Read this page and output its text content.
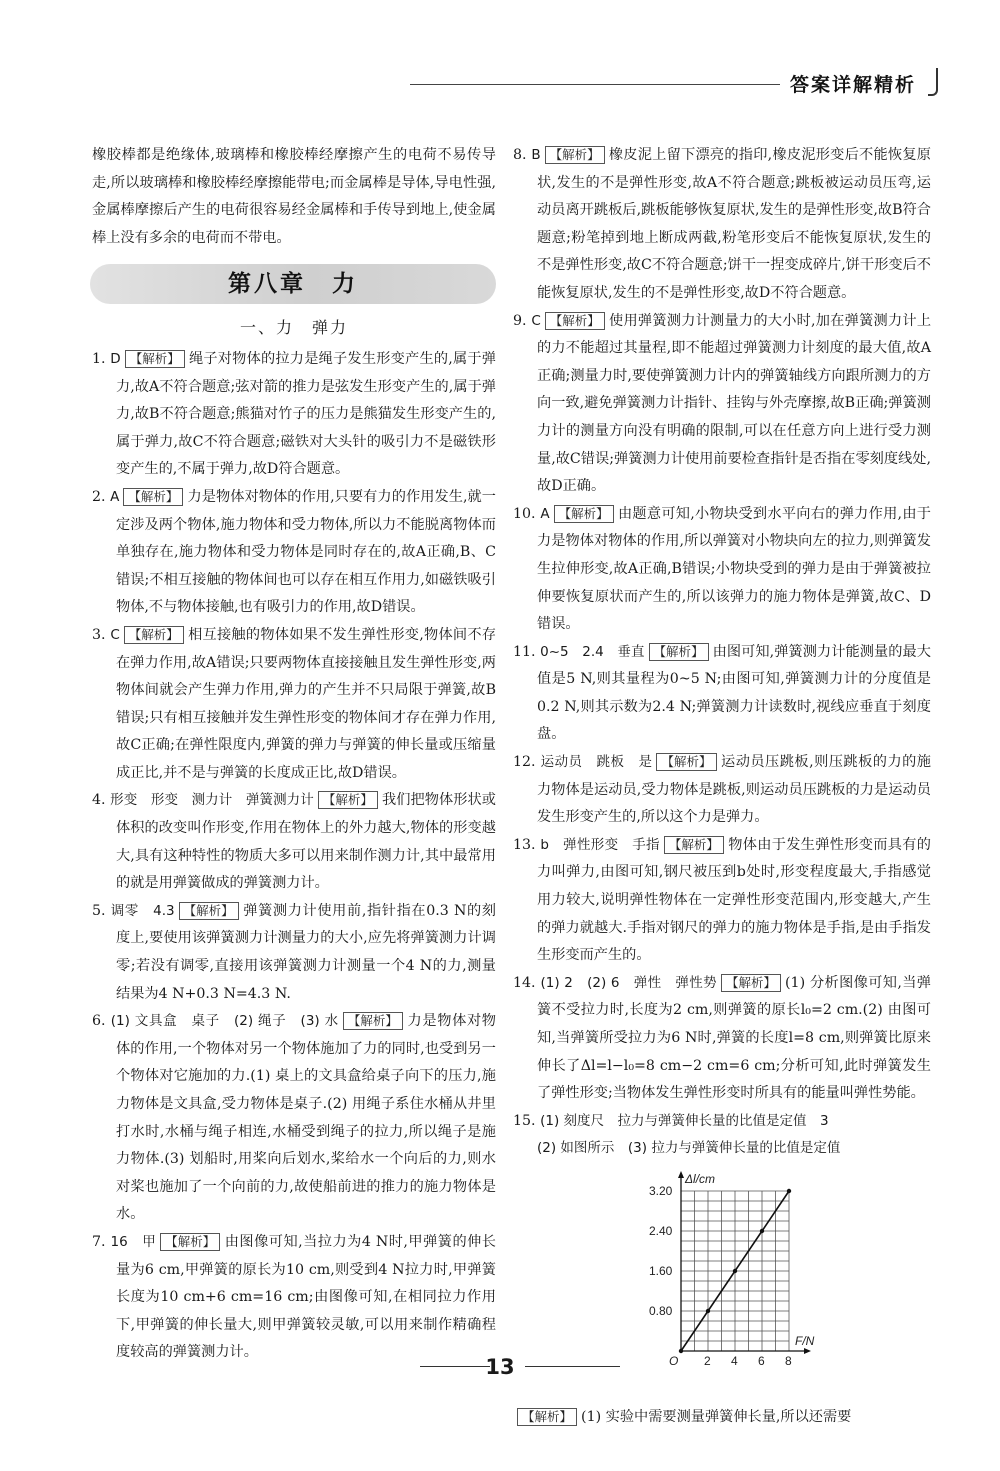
答案详解精析

橡胶棒都是绝缘体,玻璃棒和橡胶棒经摩擦产生的电荷不易传导走,所以玻璃棒和橡胶棒经摩擦能带电;而金属棒是导体,导电性强,金属棒摩擦后产生的电荷很容易经金属棒和手传导到地上,使金属棒上没有多余的电荷而不带电。

第八章　力
一、力　弹力

1. D 【 解析 】 绳子对物体的拉力是绳子发生形变产生的,属于弹力,故A不符合题意;弦对箭的推力是弦发生形变产生的,属于弹力,故B不符合题意;熊猫对竹子的压力是熊猫发生形变产生的,属于弹力,故C不符合题意;磁铁对大头针的吸引力不是磁铁形变产生的,不属于弹力,故D符合题意。

2. A 【 解析 】 力是物体对物体的作用,只要有力的作用发生,就一定涉及两个物体,施力物体和受力物体,所以力不能脱离物体而单独存在,施力物体和受力物体是同时存在的,故A正确,B、C错误;不相互接触的物体间也可以存在相互作用力,如磁铁吸引物体,不与物体接触,也有吸引力的作用,故D错误。

3. C 【 解析 】 相互接触的物体如果不发生弹性形变,物体间不存在弹力作用,故A错误;只要两物体直接接触且发生弹性形变,两物体间就会产生弹力作用,弹力的产生并不只局限于弹簧,故B错误;只有相互接触并发生弹性形变的物体间才存在弹力作用,故C正确;在弹性限度内,弹簧的弹力与弹簧的伸长量或压缩量成正比,并不是与弹簧的长度成正比,故D错误。

4. 形变　形变　测力计　弹簧测力计 【 解析 】 我们把物体形状或体积的改变叫作形变,作用在物体上的外力越大,物体的形变越大,具有这种特性的物质大多可以用来制作测力计,其中最常用的就是用弹簧做成的弹簧测力计。

5. 调零　4.3 【 解析 】 弹簧测力计使用前,指针指在0.3 N的刻度上,要使用该弹簧测力计测量力的大小,应先将弹簧测力计调零;若没有调零,直接用该弹簧测力计测量一个4 N的力,测量结果为4 N+0.3 N=4.3 N.

6. (1) 文具盒　桌子　(2) 绳子　(3) 水 【 解析 】 力是物体对物体的作用,一个物体对另一个物体施加了力的同时,也受到另一个物体对它施加的力.(1) 桌上的文具盒给桌子向下的压力,施力物体是文具盒,受力物体是桌子.(2) 用绳子系住水桶从井里打水时,水桶与绳子相连,水桶受到绳子的拉力,所以绳子是施力物体.(3) 划船时,用桨向后划水,桨给水一个向后的力,则水对桨也施加了一个向前的力,故使船前进的推力的施力物体是水。

7. 16　甲 【 解析 】 由图像可知,当拉力为4 N时,甲弹簧的伸长量为6 cm,甲弹簧的原长为10 cm,则受到4 N拉力时,甲弹簧长度为10 cm+6 cm=16 cm;由图像可知,在相同拉力作用下,甲弹簧的伸长量大,则甲弹簧较灵敏,可以用来制作精确程度较高的弹簧测力计。

8. B 【 解析 】 橡皮泥上留下漂亮的指印,橡皮泥形变后不能恢复原状,发生的不是弹性形变,故A不符合题意;跳板被运动员压弯,运动员离开跳板后,跳板能够恢复原状,发生的是弹性形变,故B符合题意;粉笔掉到地上断成两截,粉笔形变后不能恢复原状,发生的不是弹性形变,故C不符合题意;饼干一捏变成碎片,饼干形变后不能恢复原状,发生的不是弹性形变,故D不符合题意。

9. C 【 解析 】 使用弹簧测力计测量力的大小时,加在弹簧测力计上的力不能超过其量程,即不能超过弹簧测力计刻度的最大值,故A正确;测量力时,要使弹簧测力计内的弹簧轴线方向跟所测力的方向一致,避免弹簧测力计指针、挂钩与外壳摩擦,故B正确;弹簧测力计的测量方向没有明确的限制,可以在任意方向上进行受力测量,故C错误;弹簧测力计使用前要检查指针是否指在零刻度线处,故D正确。

10. A 【 解析 】 由题意可知,小物块受到水平向右的弹力作用,由于力是物体对物体的作用,所以弹簧对小物块向左的拉力,则弹簧发生拉伸形变,故A正确,B错误;小物块受到的弹力是由于弹簧被拉伸要恢复原状而产生的,所以该弹力的施力物体是弹簧,故C、D错误。

11. 0~5　2.4　垂直 【 解析 】 由图可知,弹簧测力计能测量的最大值是5 N,则其量程为0~5 N;由图可知,弹簧测力计的分度值是0.2 N,则其示数为2.4 N;弹簧测力计读数时,视线应垂直于刻度盘。

12. 运动员　跳板　是 【 解析 】 运动员压跳板,则压跳板的力的施力物体是运动员,受力物体是跳板,则运动员压跳板的力是运动员发生形变产生的,所以这个力是弹力。

13. b　弹性形变　手指 【 解析 】 物体由于发生弹性形变而具有的力叫弹力,由图可知,钢尺被压到b处时,形变程度最大,手指感觉用力较大,说明弹性物体在一定弹性形变范围内,形变越大,产生的弹力就越大.手指对钢尺的弹力的施力物体是手指,是由手指发生形变而产生的。

14. (1) 2　(2) 6　弹性　弹性势 【 解析 】 (1) 分析图像可知,当弹簧不受拉力时,长度为2 cm,则弹簧的原长l₀=2 cm.(2) 由图可知,当弹簧所受拉力为6 N时,弹簧的长度l=8 cm,则弹簧比原来伸长了Δl=l−l₀=8 cm−2 cm=6 cm;分析可知,此时弹簧发生了弹性形变;当物体发生弹性形变时所具有的能量叫弹性势能。

15. (1) 刻度尺　拉力与弹簧伸长量的比值是定值　3
(2) 如图所示　(3) 拉力与弹簧伸长量的比值是定值

Δl/cm
F/N
O 2 4 6 8
0.80
1.60
2.40
3.20

【 解析 】 (1) 实验中需要测量弹簧伸长量,所以还需要

13
